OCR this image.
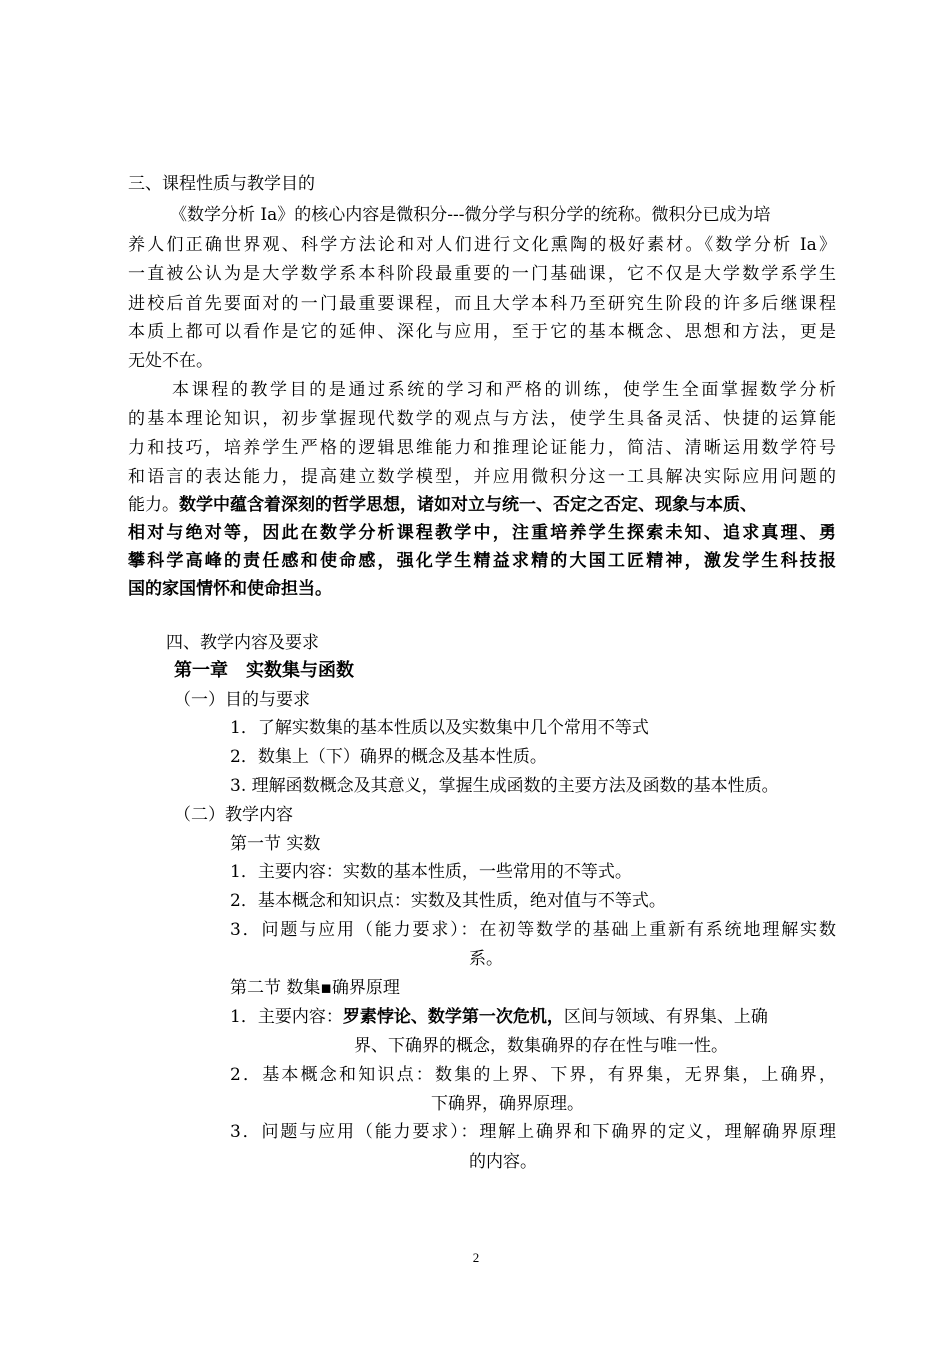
三、课程性质与教学目的
《数学分析 Ia》的核心内容是微积分---微分学与积分学的统称。微积分已成为培
养人们正确世界观、科学方法论和对人们进行文化熏陶的极好素材。《数学分析 Ia》
一直被公认为是大学数学系本科阶段最重要的一门基础课，它不仅是大学数学系学生
进校后首先要面对的一门最重要课程，而且大学本科乃至研究生阶段的许多后继课程
本质上都可以看作是它的延伸、深化与应用，至于它的基本概念、思想和方法，更是
无处不在。
本课程的教学目的是通过系统的学习和严格的训练，使学生全面掌握数学分析
的基本理论知识，初步掌握现代数学的观点与方法，使学生具备灵活、快捷的运算能
力和技巧，培养学生严格的逻辑思维能力和推理论证能力，简洁、清晰运用数学符号
和语言的表达能力，提高建立数学模型，并应用微积分这一工具解决实际应用问题的
能力。数学中蕴含着深刻的哲学思想，诸如对立与统一、否定之否定、现象与本质、
相对与绝对等，因此在数学分析课程教学中，注重培养学生探索未知、追求真理、勇
攀科学高峰的责任感和使命感，强化学生精益求精的大国工匠精神，激发学生科技报
国的家国情怀和使命担当。
四、教学内容及要求
第一章　实数集与函数
（一）目的与要求
1．了解实数集的基本性质以及实数集中几个常用不等式
2．数集上（下）确界的概念及基本性质。
3. 理解函数概念及其意义，掌握生成函数的主要方法及函数的基本性质。
（二）教学内容
第一节 实数
1．主要内容：实数的基本性质，一些常用的不等式。
2．基本概念和知识点：实数及其性质，绝对值与不等式。
3．问题与应用（能力要求）：在初等数学的基础上重新有系统地理解实数
系。
第二节 数集▪确界原理
1．主要内容：罗素悖论、数学第一次危机，区间与领域、有界集、上确
界、下确界的概念，数集确界的存在性与唯一性。
2．基本概念和知识点：数集的上界、下界，有界集，无界集，上确界，
下确界，确界原理。
3．问题与应用（能力要求）：理解上确界和下确界的定义，理解确界原理
的内容。
2
